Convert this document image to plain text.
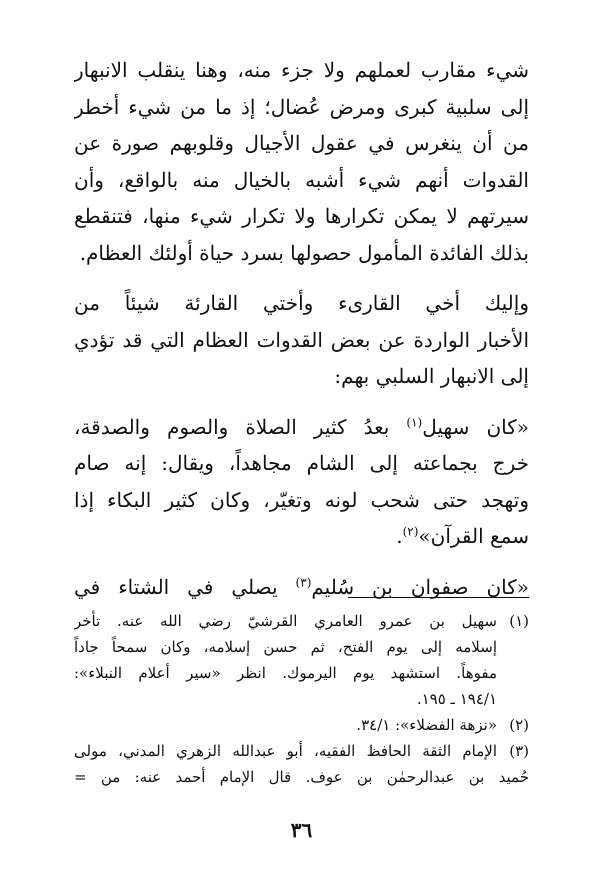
شيء مقارب لعملهم ولا جزء منه، وهنا ينقلب الانبهار

إلى سلبية كبرى ومرض عُضال؛ إذ ما من شيء أخطر

من أن ينغرس في عقول الأجيال وقلوبهم صورة عن

القدوات أنهم شيء أشبه بالخيال منه بالواقع، وأن

سيرتهم لا يمكن تكرارها ولا تكرار شيء منها، فتنقطع

بذلك الفائدة المأمول حصولها بسرد حياة أولئك العظام.

وإليك أخي القارىء وأختي القارئة شيئاً من

الأخبار الواردة عن بعض القدوات العظام التي قد تؤدي

إلى الانبهار السلبي بهم:

«كان سهيل$^{(١)}$ بعدُ كثير الصلاة والصوم والصدقة،

خرج بجماعته إلى الشام مجاهداً، ويقال: إنه صام

وتهجد حتى شحب لونه وتغيّر، وكان كثير البكاء إذا

سمع القرآن»$^{(٢)}$.

«كان صفوان بن سُليم$^{(٣)}$ يصلي في الشتاء في

(١)
سهيل بن عمرو العامري القرشيّ رضي الله عنه. تأخر
إسلامه إلى يوم الفتح، ثم حسن إسلامه، وكان سمحاً جاداً
مفوهاً. استشهد يوم اليرموك. انظر «سير أعلام النبلاء»:
١٩٤/١ ـ ١٩٥.
(٢)
«نزهة الفضلاء»: ٣٤/١.
(٣)
الإمام الثقة الحافظ الفقيه، أبو عبدالله الزهري المدني، مولى
حُميد بن عبدالرحمٰن بن عوف. قال الإمام أحمد عنه: من =
٣٦
